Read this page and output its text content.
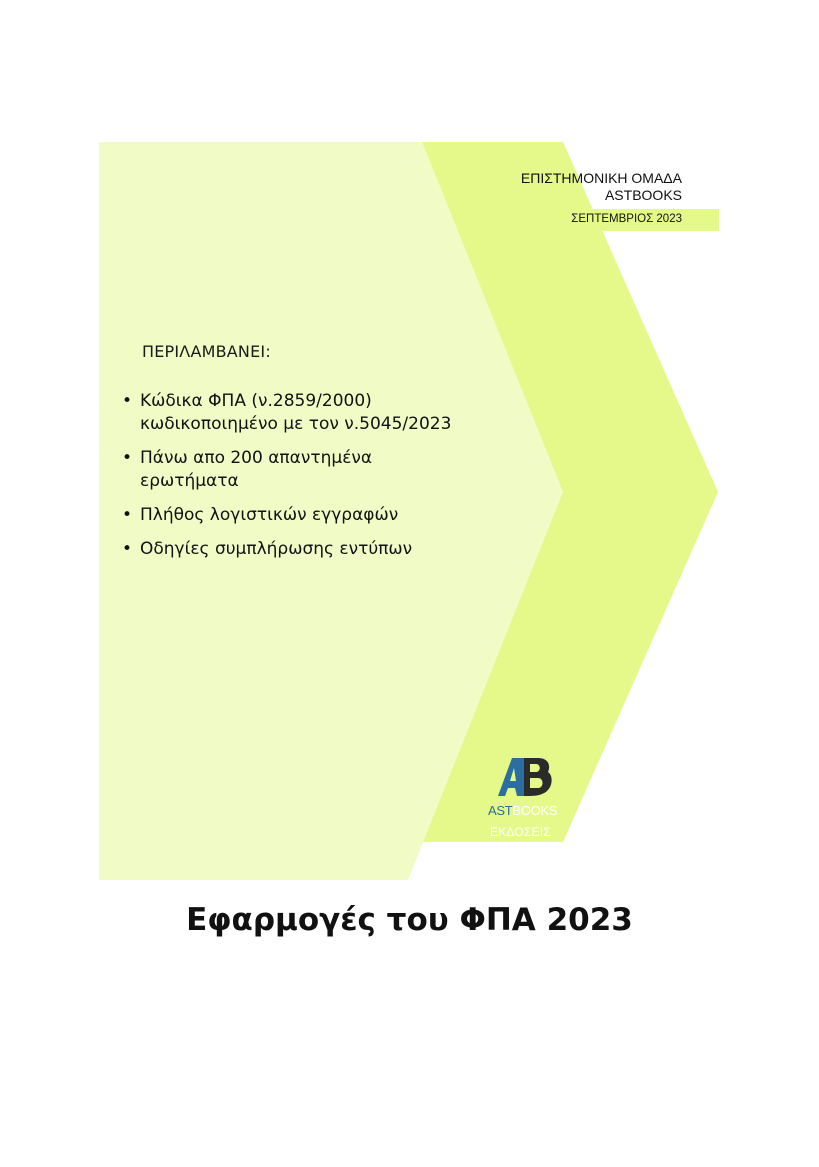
ΕΠΙΣΤΗΜΟΝΙΚΗ ΟΜΑΔΑ
ASTBOOKS
ΣΕΠΤΕΜΒΡΙΟΣ 2023
ΠΕΡΙΛΑΜΒΑΝΕΙ:
• Κώδικα ΦΠΑ (ν.2859/2000)
κωδικοποιημένο με τον ν.5045/2023
• Πάνω απο 200 απαντημένα
ερωτήματα
• Πλήθος λογιστικών εγγραφών
• Οδηγίες συμπλήρωσης εντύπων
ASTBOOKS
ΕΚΔΟΣΕΙΣ
Εφαρμογές του ΦΠΑ 2023
